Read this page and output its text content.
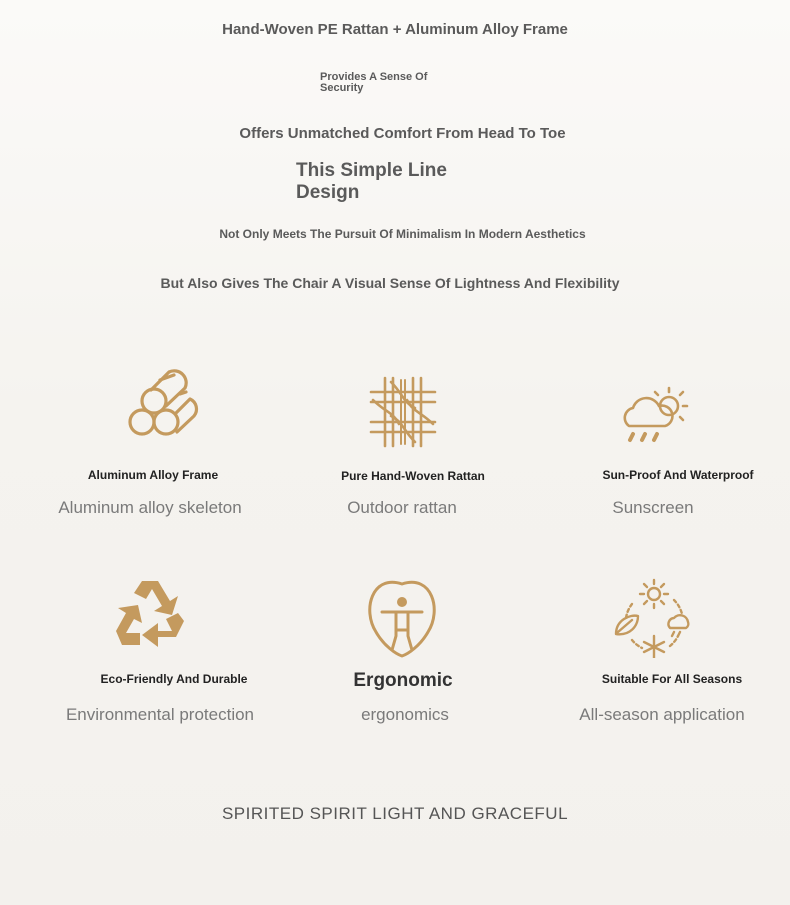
Hand-Woven PE Rattan + Aluminum Alloy Frame

Provides A Sense Of Security

Offers Unmatched Comfort From Head To Toe

This Simple Line Design

Not Only Meets The Pursuit Of Minimalism In Modern Aesthetics

But Also Gives The Chair A Visual Sense Of Lightness And Flexibility

Aluminum Alloy Frame
Aluminum alloy skeleton
Pure Hand-Woven Rattan
Outdoor rattan
Sun-Proof And Waterproof
Sunscreen
Eco-Friendly And Durable
Environmental protection
Ergonomic
ergonomics
Suitable For All Seasons
All-season application
SPIRITED SPIRIT LIGHT AND GRACEFUL
